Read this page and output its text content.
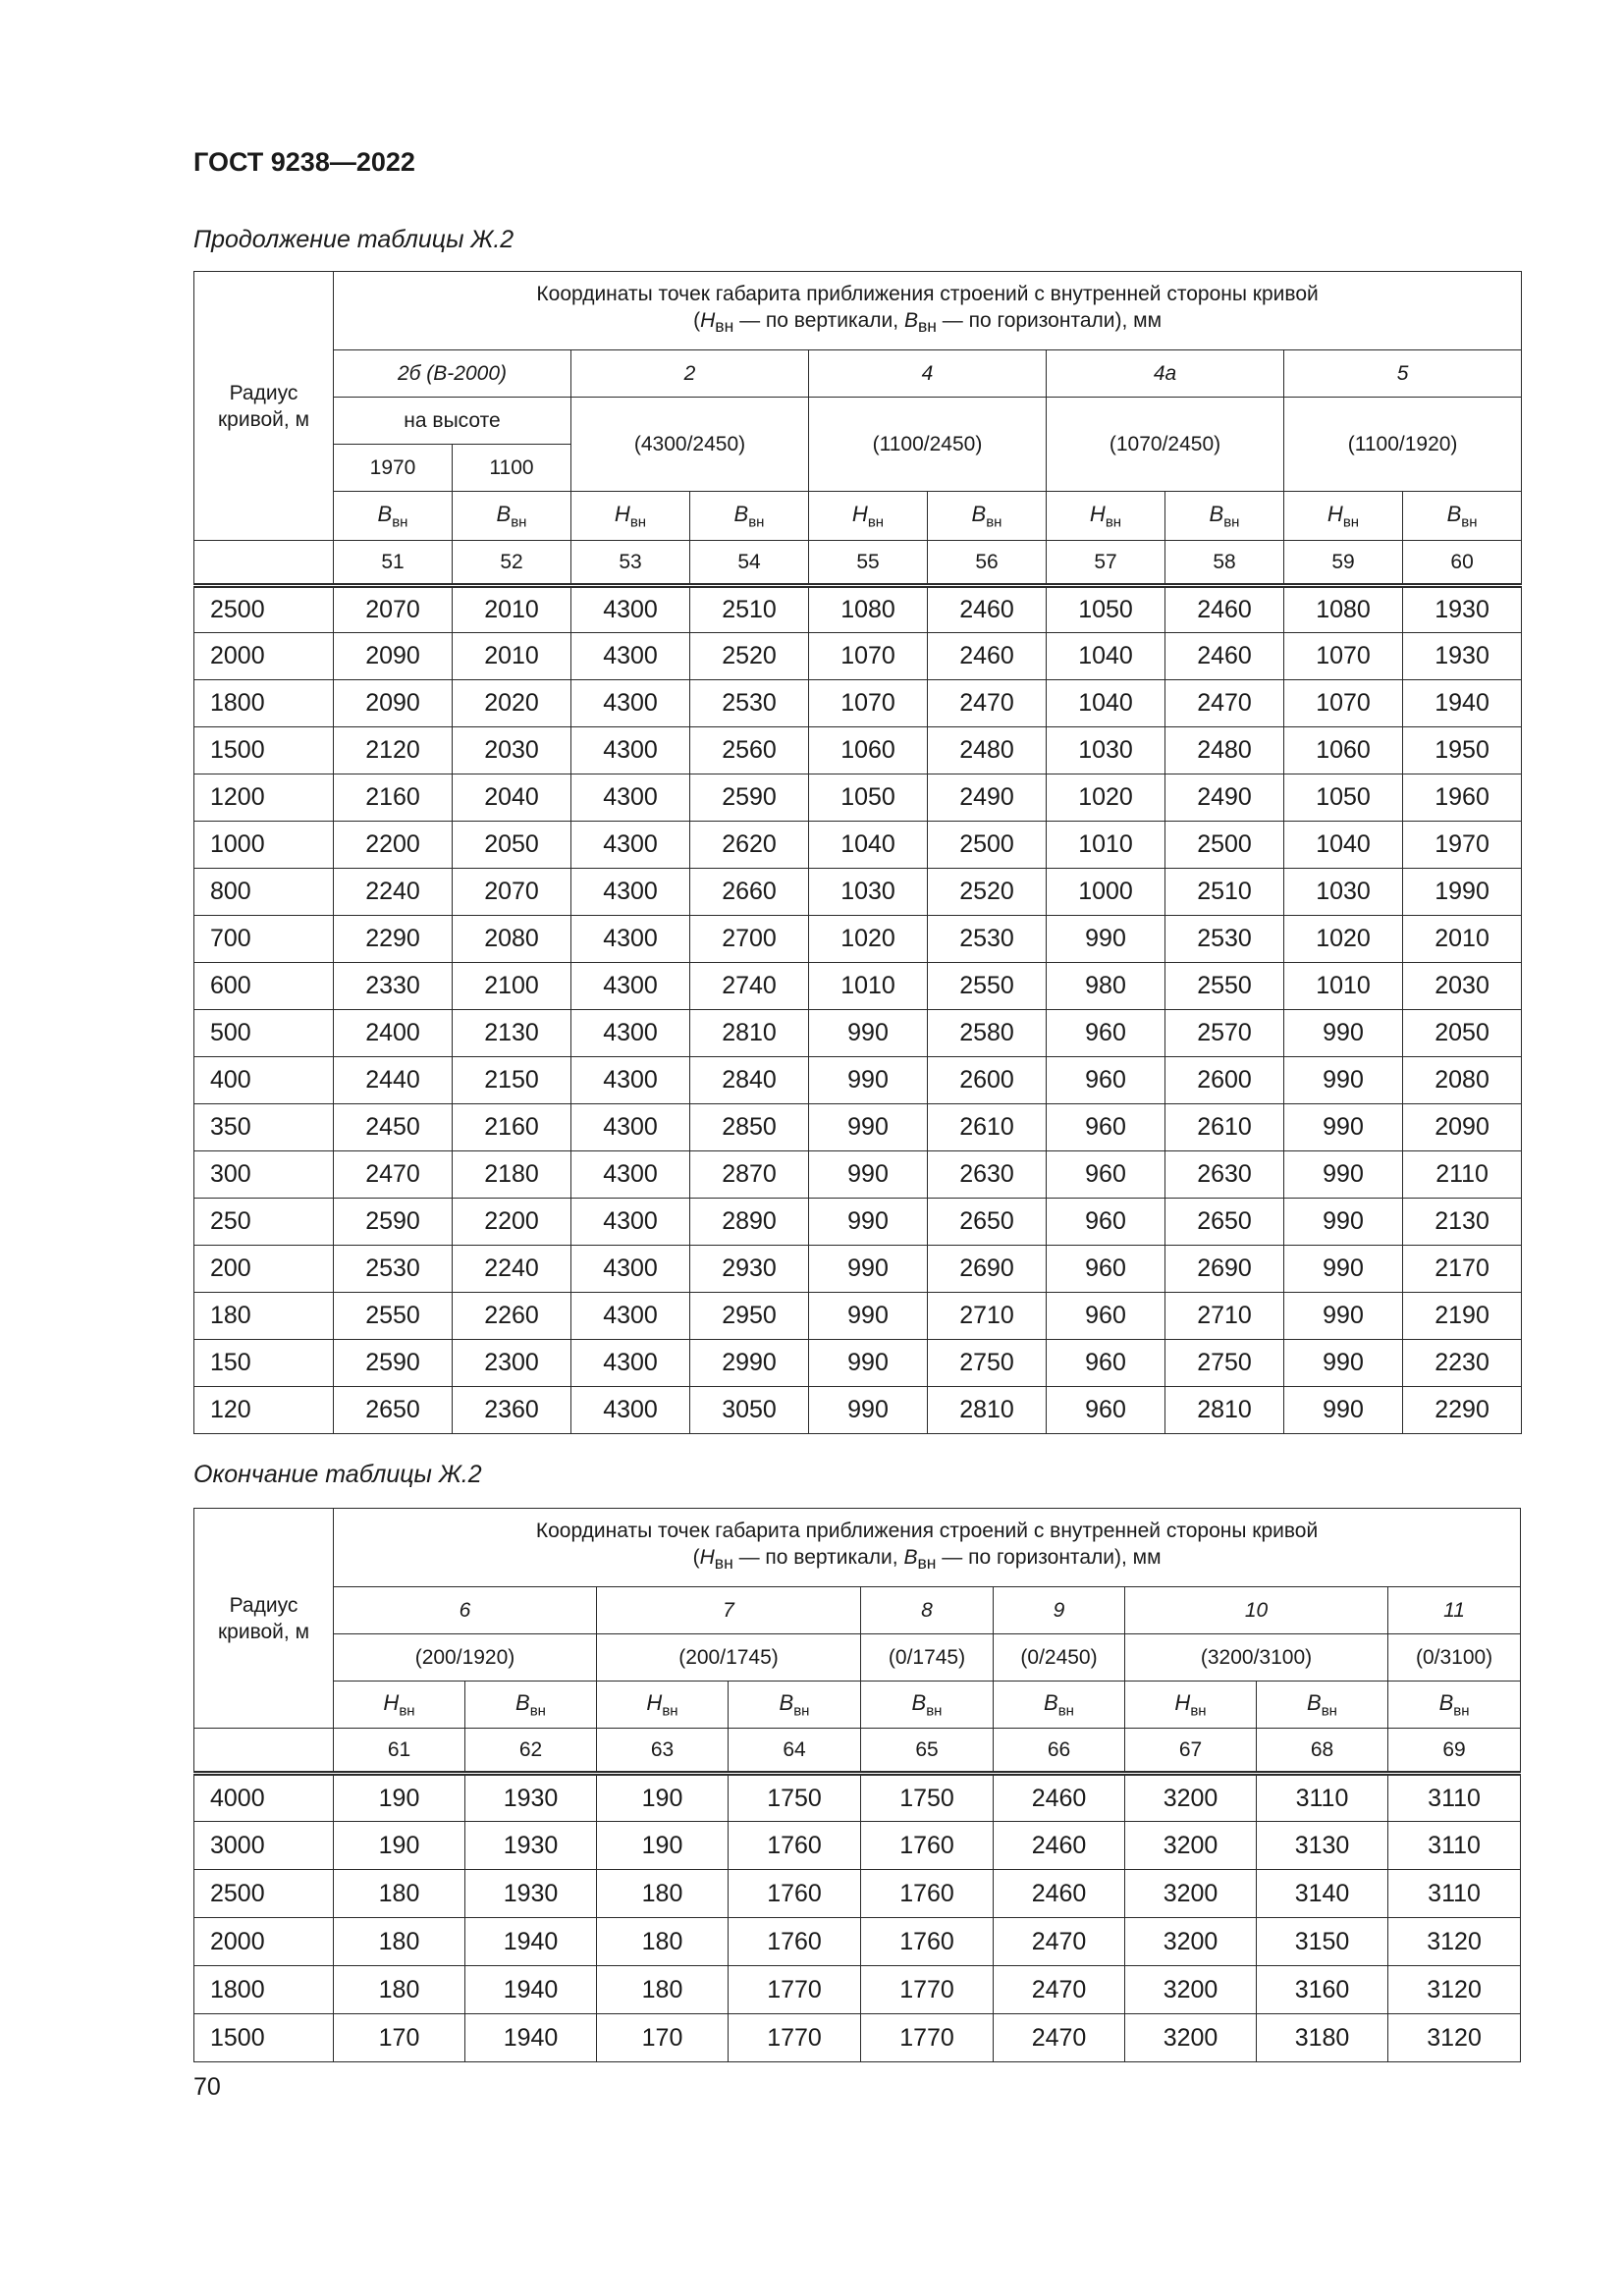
ГОСТ 9238—2022
Продолжение таблицы Ж.2
Радиус кривой, м	Координаты точек габарита приближения строений с внутренней стороны кривой
($H_{вн}$ — по вертикали, $B_{вн}$ — по горизонтали), мм									

	2б (В-2000)		2		4		4а		5	
	на высоте		(4300/2450)		(1100/2450)		(1070/2450)		(1100/1920)	
	1970	1100								
	$B_{вн}$	$B_{вн}$	$H_{вн}$	$B_{вн}$	$H_{вн}$	$B_{вн}$	$H_{вн}$	$B_{вн}$	$H_{вн}$	$B_{вн}$
	51	52	53	54	55	56	57	58	59	60
2500	2070	2010	4300	2510	1080	2460	1050	2460	1080	1930
2000	2090	2010	4300	2520	1070	2460	1040	2460	1070	1930
1800	2090	2020	4300	2530	1070	2470	1040	2470	1070	1940
1500	2120	2030	4300	2560	1060	2480	1030	2480	1060	1950
1200	2160	2040	4300	2590	1050	2490	1020	2490	1050	1960
1000	2200	2050	4300	2620	1040	2500	1010	2500	1040	1970
800	2240	2070	4300	2660	1030	2520	1000	2510	1030	1990
700	2290	2080	4300	2700	1020	2530	990	2530	1020	2010
600	2330	2100	4300	2740	1010	2550	980	2550	1010	2030
500	2400	2130	4300	2810	990	2580	960	2570	990	2050
400	2440	2150	4300	2840	990	2600	960	2600	990	2080
350	2450	2160	4300	2850	990	2610	960	2610	990	2090
300	2470	2180	4300	2870	990	2630	960	2630	990	2110
250	2590	2200	4300	2890	990	2650	960	2650	990	2130
200	2530	2240	4300	2930	990	2690	960	2690	990	2170
180	2550	2260	4300	2950	990	2710	960	2710	990	2190
150	2590	2300	4300	2990	990	2750	960	2750	990	2230
120	2650	2360	4300	3050	990	2810	960	2810	990	2290
Окончание таблицы Ж.2
Радиус кривой, м	Координаты точек габарита приближения строений с внутренней стороны кривой
($H_{вн}$ — по вертикали, $B_{вн}$ — по горизонтали), мм								

	6		7		8	9	10		11
	(200/1920)		(200/1745)		(0/1745)	(0/2450)	(3200/3100)		(0/3100)
	$H_{вн}$	$B_{вн}$	$H_{вн}$	$B_{вн}$	$B_{вн}$	$B_{вн}$	$H_{вн}$	$B_{вн}$	$B_{вн}$
	61	62	63	64	65	66	67	68	69
4000	190	1930	190	1750	1750	2460	3200	3110	3110
3000	190	1930	190	1760	1760	2460	3200	3130	3110
2500	180	1930	180	1760	1760	2460	3200	3140	3110
2000	180	1940	180	1760	1760	2470	3200	3150	3120
1800	180	1940	180	1770	1770	2470	3200	3160	3120
1500	170	1940	170	1770	1770	2470	3200	3180	3120
70
